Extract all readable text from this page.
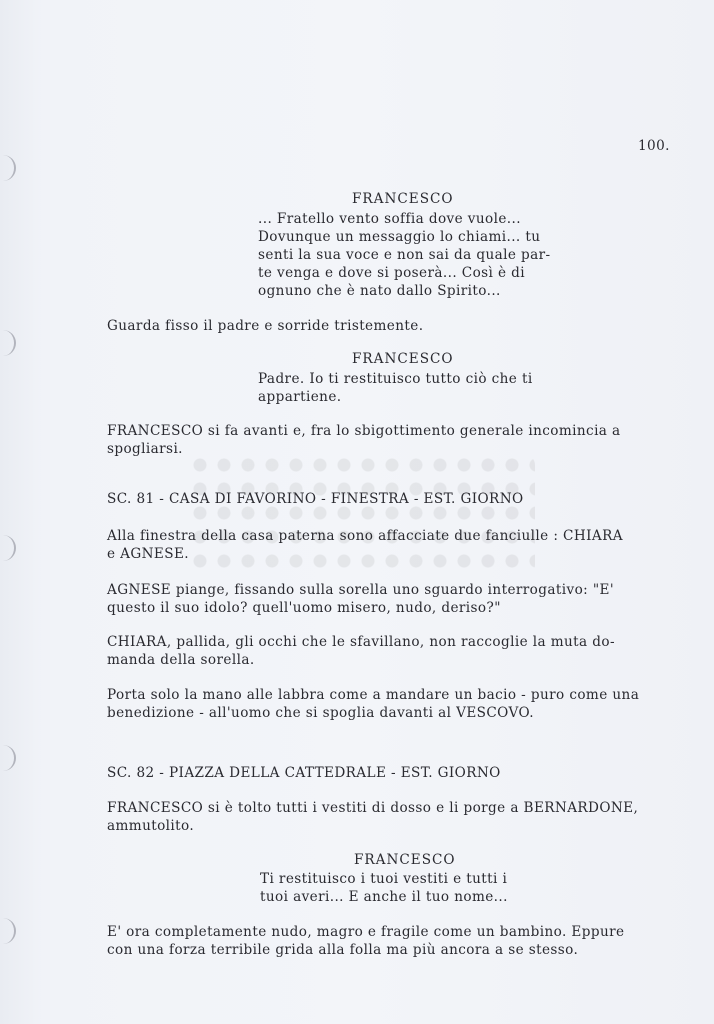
100.
FRANCESCO
... Fratello vento soffia dove vuole...
Dovunque un messaggio lo chiami... tu
senti la sua voce e non sai da quale par-
te venga e dove si poserà... Così è di
ognuno che è nato dallo Spirito...
Guarda fisso il padre e sorride tristemente.
FRANCESCO
Padre. Io ti restituisco tutto ciò che ti
appartiene.
FRANCESCO si fa avanti e, fra lo sbigottimento generale incomincia a
spogliarsi.
SC. 81 - CASA DI FAVORINO - FINESTRA - EST. GIORNO
Alla finestra della casa paterna sono affacciate due fanciulle : CHIARA
e AGNESE.
AGNESE piange, fissando sulla sorella uno sguardo interrogativo: "E'
questo il suo idolo? quell'uomo misero, nudo, deriso?"
CHIARA, pallida, gli occhi che le sfavillano, non raccoglie la muta do-
manda della sorella.
Porta solo la mano alle labbra come a mandare un bacio - puro come una
benedizione - all'uomo che si spoglia davanti al VESCOVO.
SC. 82 - PIAZZA DELLA CATTEDRALE - EST. GIORNO
FRANCESCO si è tolto tutti i vestiti di dosso e li porge a BERNARDONE,
ammutolito.
FRANCESCO
Ti restituisco i tuoi vestiti e tutti i
tuoi averi... E anche il tuo nome...
E' ora completamente nudo, magro e fragile come un bambino. Eppure
con una forza terribile grida alla folla ma più ancora a se stesso.
